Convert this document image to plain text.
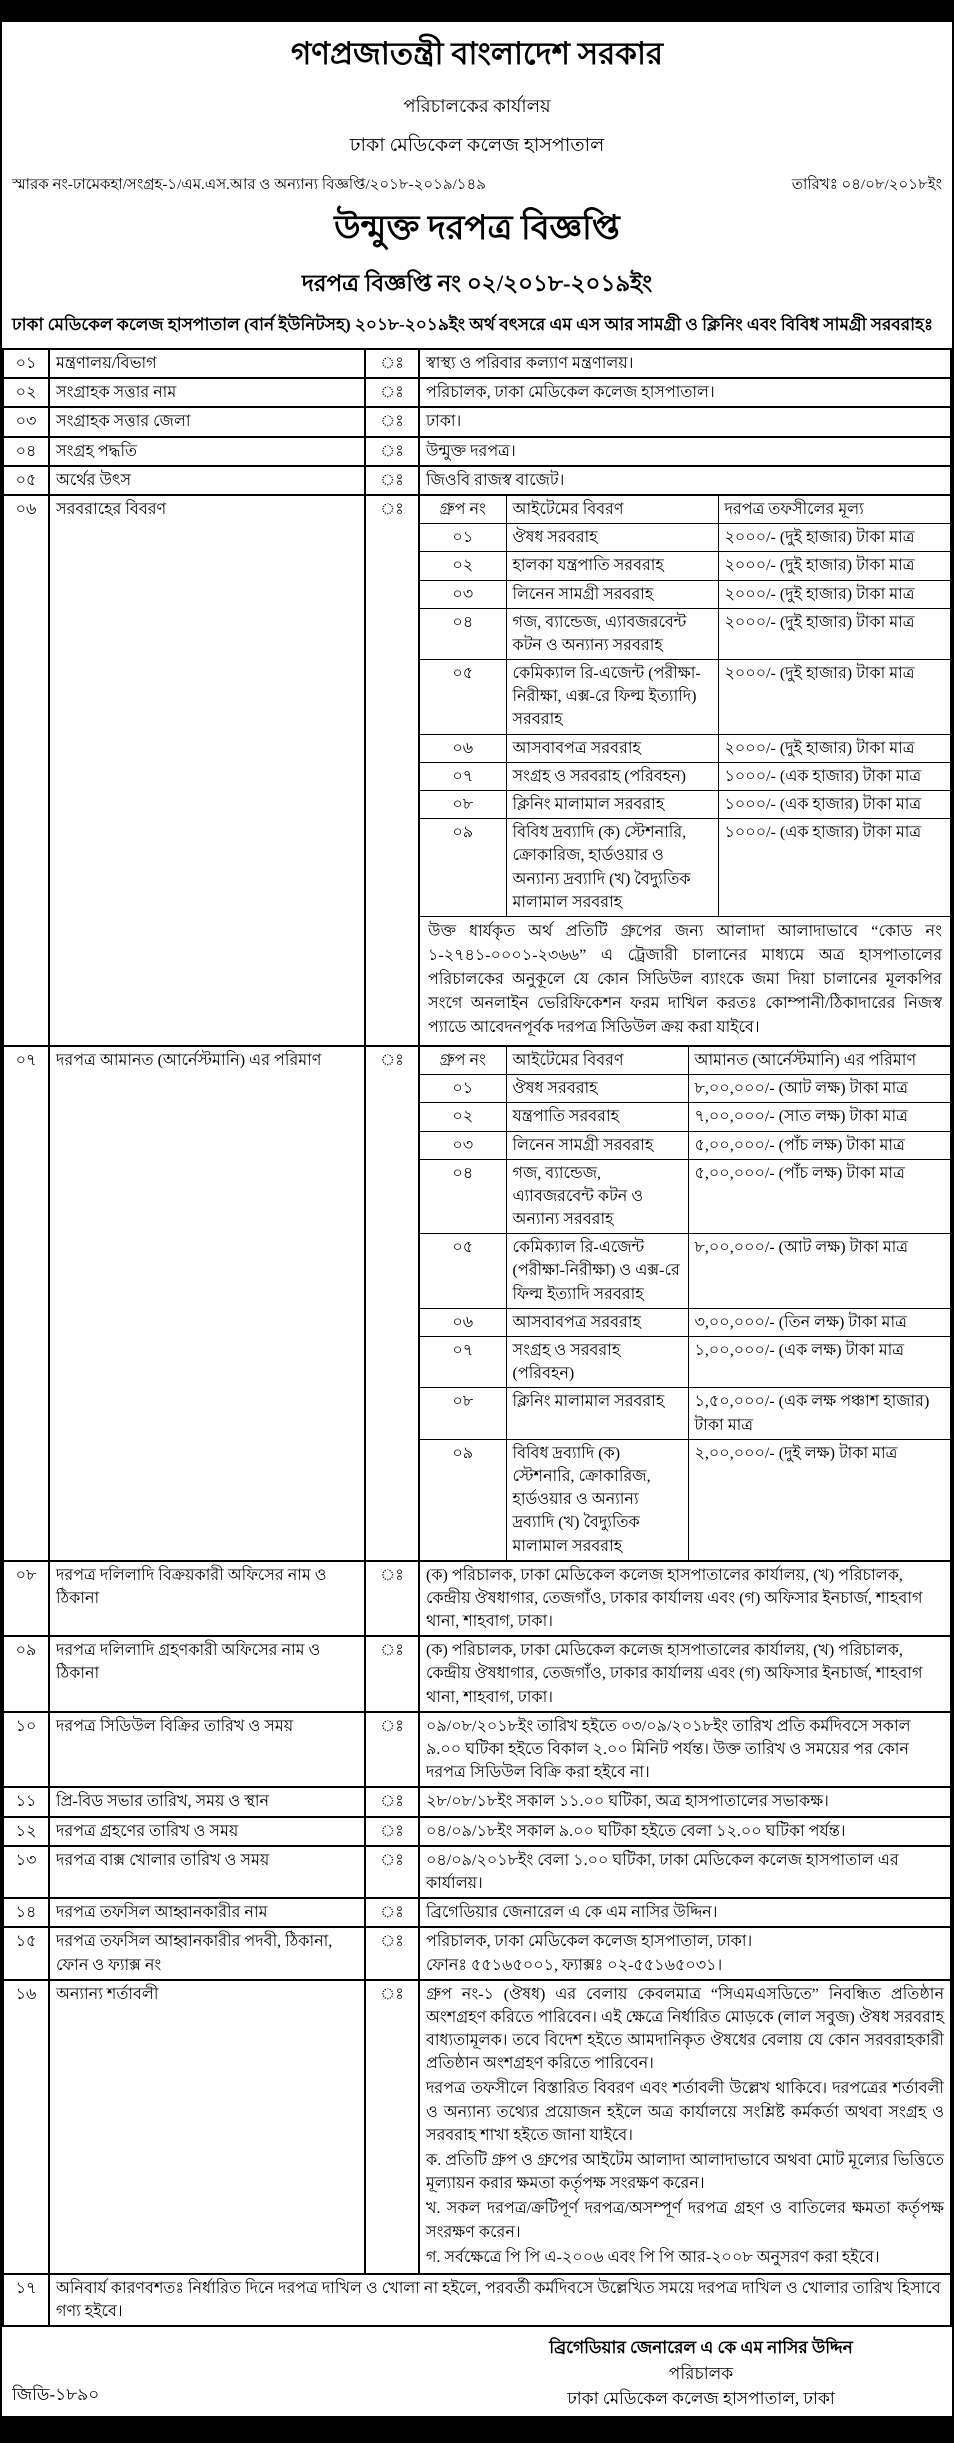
গণপ্রজাতন্ত্রী বাংলাদেশ সরকার
পরিচালকের কার্যালয়
ঢাকা মেডিকেল কলেজ হাসপাতাল
স্মারক নং-ঢামেকহা/সংগ্রহ-১/এম.এস.আর ও অন্যান্য বিজ্ঞপ্তি/২০১৮-২০১৯/১৪৯	তারিখঃ ০৪/০৮/২০১৮ইং
উন্মুক্ত দরপত্র বিজ্ঞপ্তি
দরপত্র বিজ্ঞপ্তি নং ০২/২০১৮-২০১৯ইং
ঢাকা মেডিকেল কলেজ হাসপাতাল (বার্ন ইউনিটসহ) ২০১৮-২০১৯ইং অর্থ বৎসরে এম এস আর সামগ্রী ও ক্লিনিং এবং বিবিধ সামগ্রী সরবরাহঃ
০১	মন্ত্রণালয়/বিভাগ	ঃ	স্বাস্থ্য ও পরিবার কল্যাণ মন্ত্রণালয়।
০২	সংগ্রাহক সত্তার নাম	ঃ	পরিচালক, ঢাকা মেডিকেল কলেজ হাসপাতাল।
০৩	সংগ্রাহক সত্তার জেলা	ঃ	ঢাকা।
০৪	সংগ্রহ পদ্ধতি	ঃ	উন্মুক্ত দরপত্র।
০৫	অর্থের উৎস	ঃ	জিওবি রাজস্ব বাজেট।
০৬	সরবরাহের বিবরণ	ঃ	গ্রুপ নং	আইটেমের বিবরণ	দরপত্র তফসীলের মূল্য
০১	ঔষধ সরবরাহ	২০০০/- (দুই হাজার) টাকা মাত্র
০২	হালকা যন্ত্রপাতি সরবরাহ	২০০০/- (দুই হাজার) টাকা মাত্র
০৩	লিনেন সামগ্রী সরবরাহ	২০০০/- (দুই হাজার) টাকা মাত্র
০৪	গজ, ব্যান্ডেজ, এ্যাবজরবেন্ট কটন ও অন্যান্য সরবরাহ	২০০০/- (দুই হাজার) টাকা মাত্র
০৫	কেমিক্যাল রি-এজেন্ট (পরীক্ষা-নিরীক্ষা, এক্স-রে ফিল্ম ইত্যাদি) সরবরাহ	২০০০/- (দুই হাজার) টাকা মাত্র
০৬	আসবাবপত্র সরবরাহ	২০০০/- (দুই হাজার) টাকা মাত্র
০৭	সংগ্রহ ও সরবরাহ (পরিবহন)	১০০০/- (এক হাজার) টাকা মাত্র
০৮	ক্লিনিং মালামাল সরবরাহ	১০০০/- (এক হাজার) টাকা মাত্র
০৯	বিবিধ দ্রব্যাদি (ক) স্টেশনারি, ক্রোকারিজ, হার্ডওয়ার ও অন্যান্য দ্রব্যাদি (খ) বৈদ্যুতিক মালামাল সরবরাহ	১০০০/- (এক হাজার) টাকা মাত্র
উক্ত ধার্যকৃত অর্থ প্রতিটি গ্রুপের জন্য আলাদা আলাদাভাবে “কোড নং ১-২৭৪১-০০০১-২৩৬৬” এ ট্রেজারী চালানের মাধ্যমে অত্র হাসপাতালের পরিচালকের অনুকূলে যে কোন সিডিউল ব্যাংকে জমা দিয়া চালানের মূলকপির সংগে অনলাইন ভেরিফিকেশন ফরম দাখিল করতঃ কোম্পানী/ঠিকাদারের নিজস্ব প্যাডে আবেদনপূর্বক দরপত্র সিডিউল ক্রয় করা যাইবে।

০৭	দরপত্র আমানত (আর্নেস্টমানি) এর পরিমাণ	ঃ	গ্রুপ নং	আইটেমের বিবরণ	আমানত (আর্নেস্টমানি) এর পরিমাণ
০১	ঔষধ সরবরাহ	৮,০০,০০০/- (আট লক্ষ) টাকা মাত্র
০২	যন্ত্রপাতি সরবরাহ	৭,০০,০০০/- (সাত লক্ষ) টাকা মাত্র
০৩	লিনেন সামগ্রী সরবরাহ	৫,০০,০০০/- (পাঁচ লক্ষ) টাকা মাত্র
০৪	গজ, ব্যান্ডেজ, এ্যাবজরবেন্ট কটন ও অন্যান্য সরবরাহ	৫,০০,০০০/- (পাঁচ লক্ষ) টাকা মাত্র
০৫	কেমিক্যাল রি-এজেন্ট (পরীক্ষা-নিরীক্ষা) ও এক্স-রে ফিল্ম ইত্যাদি সরবরাহ	৮,০০,০০০/- (আট লক্ষ) টাকা মাত্র
০৬	আসবাবপত্র সরবরাহ	৩,০০,০০০/- (তিন লক্ষ) টাকা মাত্র
০৭	সংগ্রহ ও সরবরাহ (পরিবহন)	১,০০,০০০/- (এক লক্ষ) টাকা মাত্র
০৮	ক্লিনিং মালামাল সরবরাহ	১,৫০,০০০/- (এক লক্ষ পঞ্চাশ হাজার) টাকা মাত্র
০৯	বিবিধ দ্রব্যাদি (ক) স্টেশনারি, ক্রোকারিজ, হার্ডওয়ার ও অন্যান্য দ্রব্যাদি (খ) বৈদ্যুতিক মালামাল সরবরাহ	২,০০,০০০/- (দুই লক্ষ) টাকা মাত্র

০৮	দরপত্র দলিলাদি বিক্রয়কারী অফিসের নাম ও ঠিকানা	ঃ	(ক) পরিচালক, ঢাকা মেডিকেল কলেজ হাসপাতালের কার্যালয়, (খ) পরিচালক, কেন্দ্রীয় ঔষধাগার, তেজগাঁও, ঢাকার কার্যালয় এবং (গ) অফিসার ইনচার্জ, শাহবাগ থানা, শাহবাগ, ঢাকা।
০৯	দরপত্র দলিলাদি গ্রহণকারী অফিসের নাম ও ঠিকানা	ঃ	(ক) পরিচালক, ঢাকা মেডিকেল কলেজ হাসপাতালের কার্যালয়, (খ) পরিচালক, কেন্দ্রীয় ঔষধাগার, তেজগাঁও, ঢাকার কার্যালয় এবং (গ) অফিসার ইনচার্জ, শাহবাগ থানা, শাহবাগ, ঢাকা।
১০	দরপত্র সিডিউল বিক্রির তারিখ ও সময়	ঃ	০৯/০৮/২০১৮ইং তারিখ হইতে ০৩/০৯/২০১৮ইং তারিখ প্রতি কর্মদিবসে সকাল ৯.০০ ঘটিকা হইতে বিকাল ২.০০ মিনিট পর্যন্ত। উক্ত তারিখ ও সময়ের পর কোন দরপত্র সিডিউল বিক্রি করা হইবে না।
১১	প্রি-বিড সভার তারিখ, সময় ও স্থান	ঃ	২৮/০৮/১৮ইং সকাল ১১.০০ ঘটিকা, অত্র হাসপাতালের সভাকক্ষ।
১২	দরপত্র গ্রহণের তারিখ ও সময়	ঃ	০৪/০৯/১৮ইং সকাল ৯.০০ ঘটিকা হইতে বেলা ১২.০০ ঘটিকা পর্যন্ত।
১৩	দরপত্র বাক্স খোলার তারিখ ও সময়	ঃ	০৪/০৯/২০১৮ইং বেলা ১.০০ ঘটিকা, ঢাকা মেডিকেল কলেজ হাসপাতাল এর কার্যালয়।
১৪	দরপত্র তফসিল আহ্বানকারীর নাম	ঃ	ব্রিগেডিয়ার জেনারেল এ কে এম নাসির উদ্দিন।
১৫	দরপত্র তফসিল আহ্বানকারীর পদবী, ঠিকানা, ফোন ও ফ্যাক্স নং	ঃ	পরিচালক, ঢাকা মেডিকেল কলেজ হাসপাতাল, ঢাকা।
ফোনঃ ৫৫১৬৫০০১, ফ্যাক্সঃ ০২-৫৫১৬৫০৩১।

১৬	অন্যান্য শর্তাবলী	ঃ	গ্রুপ নং-১ (ঔষধ) এর বেলায় কেবলমাত্র “সিএমএসডিতে” নিবন্ধিত প্রতিষ্ঠান অংশগ্রহণ করিতে পারিবেন। এই ক্ষেত্রে নির্ধারিত মোড়কে (লাল সবুজ) ঔষধ সরবরাহ বাধ্যতামূলক। তবে বিদেশ হইতে আমদানিকৃত ঔষধের বেলায় যে কোন সরবরাহকারী প্রতিষ্ঠান অংশগ্রহণ করিতে পারিবেন।

দরপত্র তফসীলে বিস্তারিত বিবরণ এবং শর্তাবলী উল্লেখ থাকিবে। দরপত্রের শর্তাবলী ও অন্যান্য তথ্যের প্রয়োজন হইলে অত্র কার্যালয়ে সংশ্লিষ্ট কর্মকর্তা অথবা সংগ্রহ ও সরবরাহ শাখা হইতে জানা যাইবে।

ক. প্রতিটি গ্রুপ ও গ্রুপের আইটেম আলাদা আলাদাভাবে অথবা মোট মূল্যের ভিত্তিতে মূল্যায়ন করার ক্ষমতা কর্তৃপক্ষ সংরক্ষণ করেন।

খ. সকল দরপত্র/ক্রটিপূর্ণ দরপত্র/অসম্পূর্ণ দরপত্র গ্রহণ ও বাতিলের ক্ষমতা কর্তৃপক্ষ সংরক্ষণ করেন।

গ. সর্বক্ষেত্রে পি পি এ-২০০৬ এবং পি পি আর-২০০৮ অনুসরণ করা হইবে।

১৭	অনিবার্য কারণবশতঃ নির্ধারিত দিনে দরপত্র দাখিল ও খোলা না হইলে, পরবর্তী কর্মদিবসে উল্লেখিত সময়ে দরপত্র দাখিল ও খোলার তারিখ হিসাবে গণ্য হইবে।
ব্রিগেডিয়ার জেনারেল এ কে এম নাসির উদ্দিন
পরিচালক
ঢাকা মেডিকেল কলেজ হাসপাতাল, ঢাকা
জিডি-১৮৯০
